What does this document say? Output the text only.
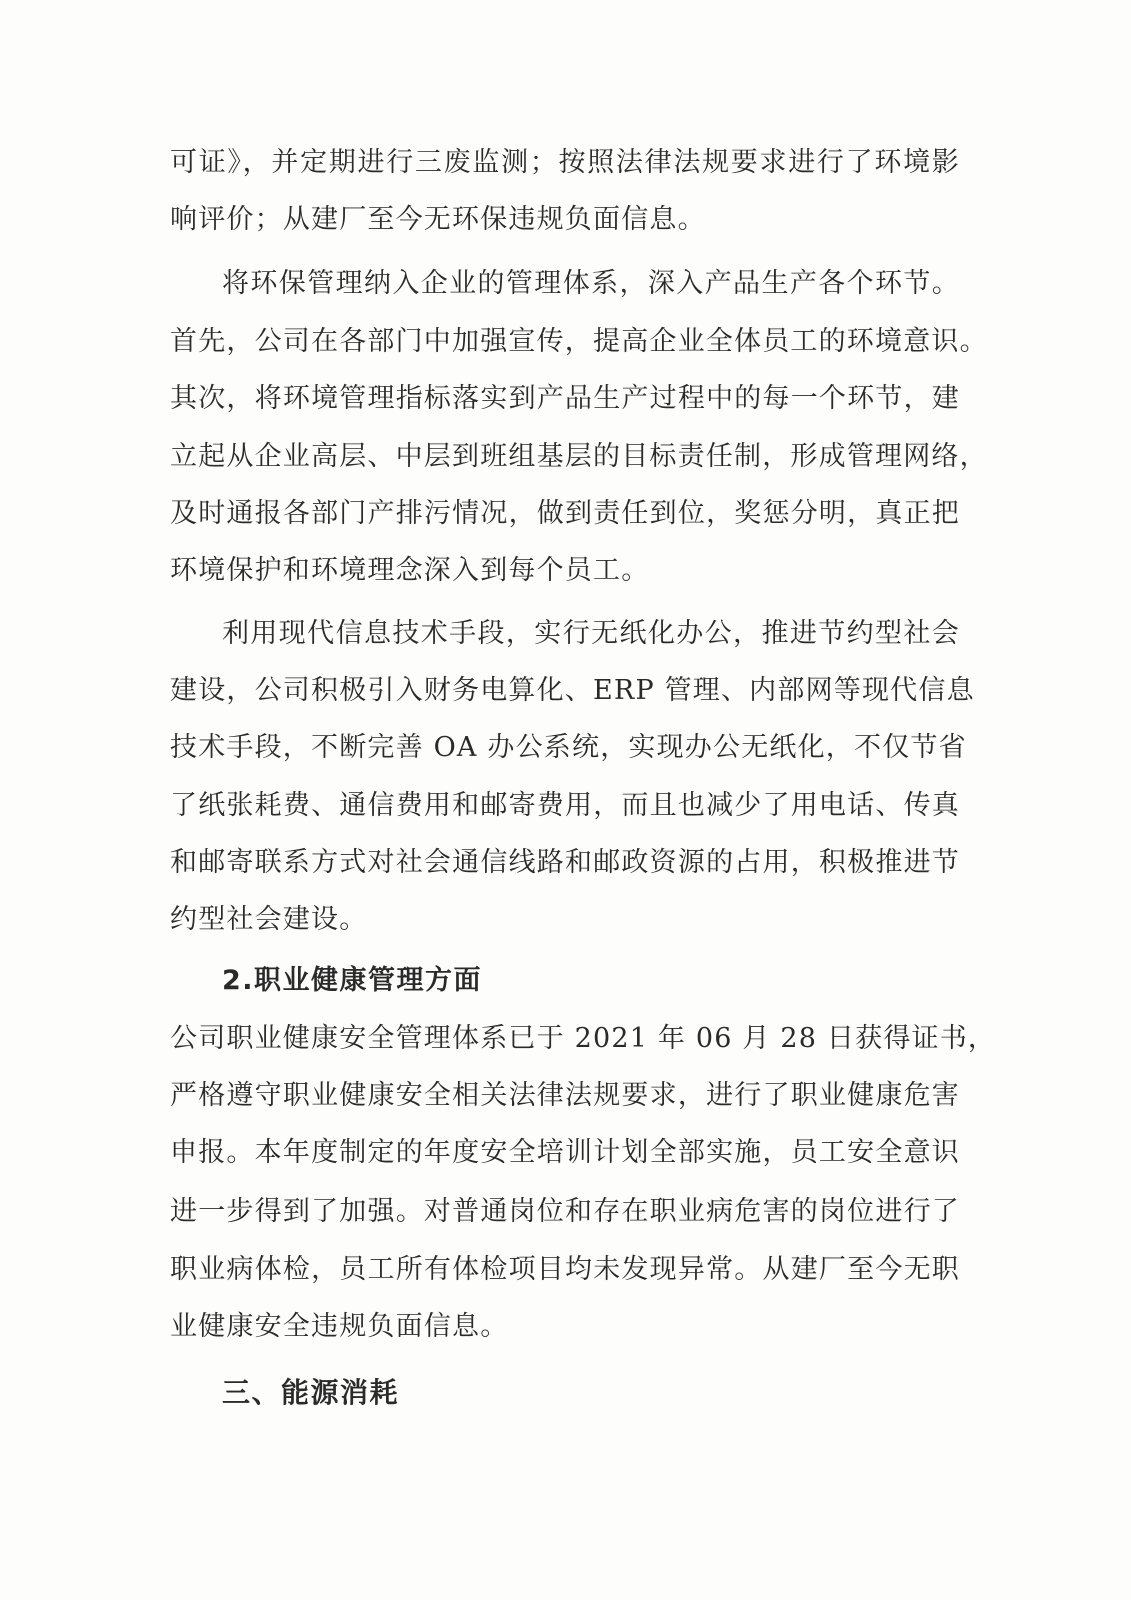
可证》，并定期进行三废监测；按照法律法规要求进行了环境影
响评价；从建厂至今无环保违规负面信息。
将环保管理纳入企业的管理体系，深入产品生产各个环节。
首先，公司在各部门中加强宣传，提高企业全体员工的环境意识。
其次，将环境管理指标落实到产品生产过程中的每一个环节，建
立起从企业高层、中层到班组基层的目标责任制，形成管理网络，
及时通报各部门产排污情况，做到责任到位，奖惩分明，真正把
环境保护和环境理念深入到每个员工。
利用现代信息技术手段，实行无纸化办公，推进节约型社会
建设，公司积极引入财务电算化、ERP 管理、内部网等现代信息
技术手段，不断完善 OA 办公系统，实现办公无纸化，不仅节省
了纸张耗费、通信费用和邮寄费用，而且也减少了用电话、传真
和邮寄联系方式对社会通信线路和邮政资源的占用，积极推进节
约型社会建设。
2.职业健康管理方面
公司职业健康安全管理体系已于 2021 年 06 月 28 日获得证书，
严格遵守职业健康安全相关法律法规要求，进行了职业健康危害
申报。本年度制定的年度安全培训计划全部实施，员工安全意识
进一步得到了加强。对普通岗位和存在职业病危害的岗位进行了
职业病体检，员工所有体检项目均未发现异常。从建厂至今无职
业健康安全违规负面信息。
三、能源消耗
